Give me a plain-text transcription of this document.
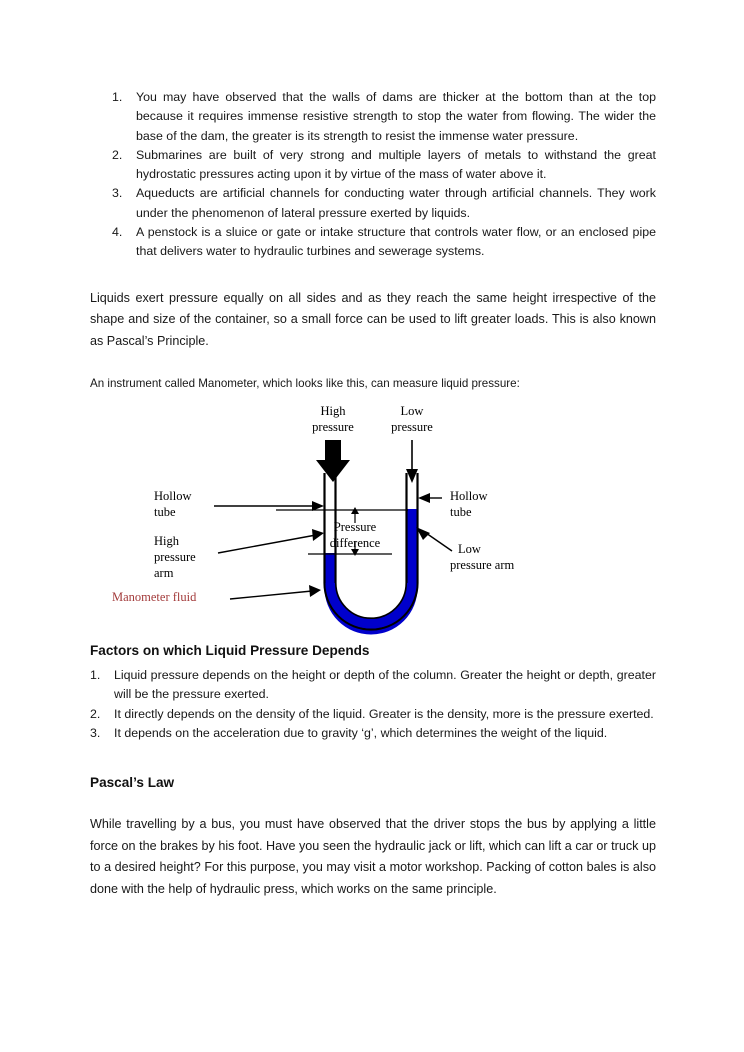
1.	You may have observed that the walls of dams are thicker at the bottom than at the top because it requires immense resistive strength to stop the water from flowing. The wider the base of the dam, the greater is its strength to resist the immense water pressure.
2.	Submarines are built of very strong and multiple layers of metals to withstand the great hydrostatic pressures acting upon it by virtue of the mass of water above it.
3.	Aqueducts are artificial channels for conducting water through artificial channels. They work under the phenomenon of lateral pressure exerted by liquids.
4.	A penstock is a sluice or gate or intake structure that controls water flow, or an enclosed pipe that delivers water to hydraulic turbines and sewerage systems.

Liquids exert pressure equally on all sides and as they reach the same height irrespective of the shape and size of the container, so a small force can be used to lift greater loads. This is also known as Pascal’s Principle.

An instrument called Manometer, which looks like this, can measure liquid pressure:

High
pressure
Low
pressure
Hollow
tube
High
pressure
arm
Hollow
tube
Low
pressure arm
Pressure
difference
Manometer fluid
Factors on which Liquid Pressure Depends
1.	Liquid pressure depends on the height or depth of the column. Greater the height or depth, greater will be the pressure exerted.
2.	It directly depends on the density of the liquid. Greater is the density, more is the pressure exerted.
3.	It depends on the acceleration due to gravity ‘g’, which determines the weight of the liquid.
Pascal’s Law

While travelling by a bus, you must have observed that the driver stops the bus by applying a little force on the brakes by his foot. Have you seen the hydraulic jack or lift, which can lift a car or truck up to a desired height? For this purpose, you may visit a motor workshop. Packing of cotton bales is also done with the help of hydraulic press, which works on the same principle.
